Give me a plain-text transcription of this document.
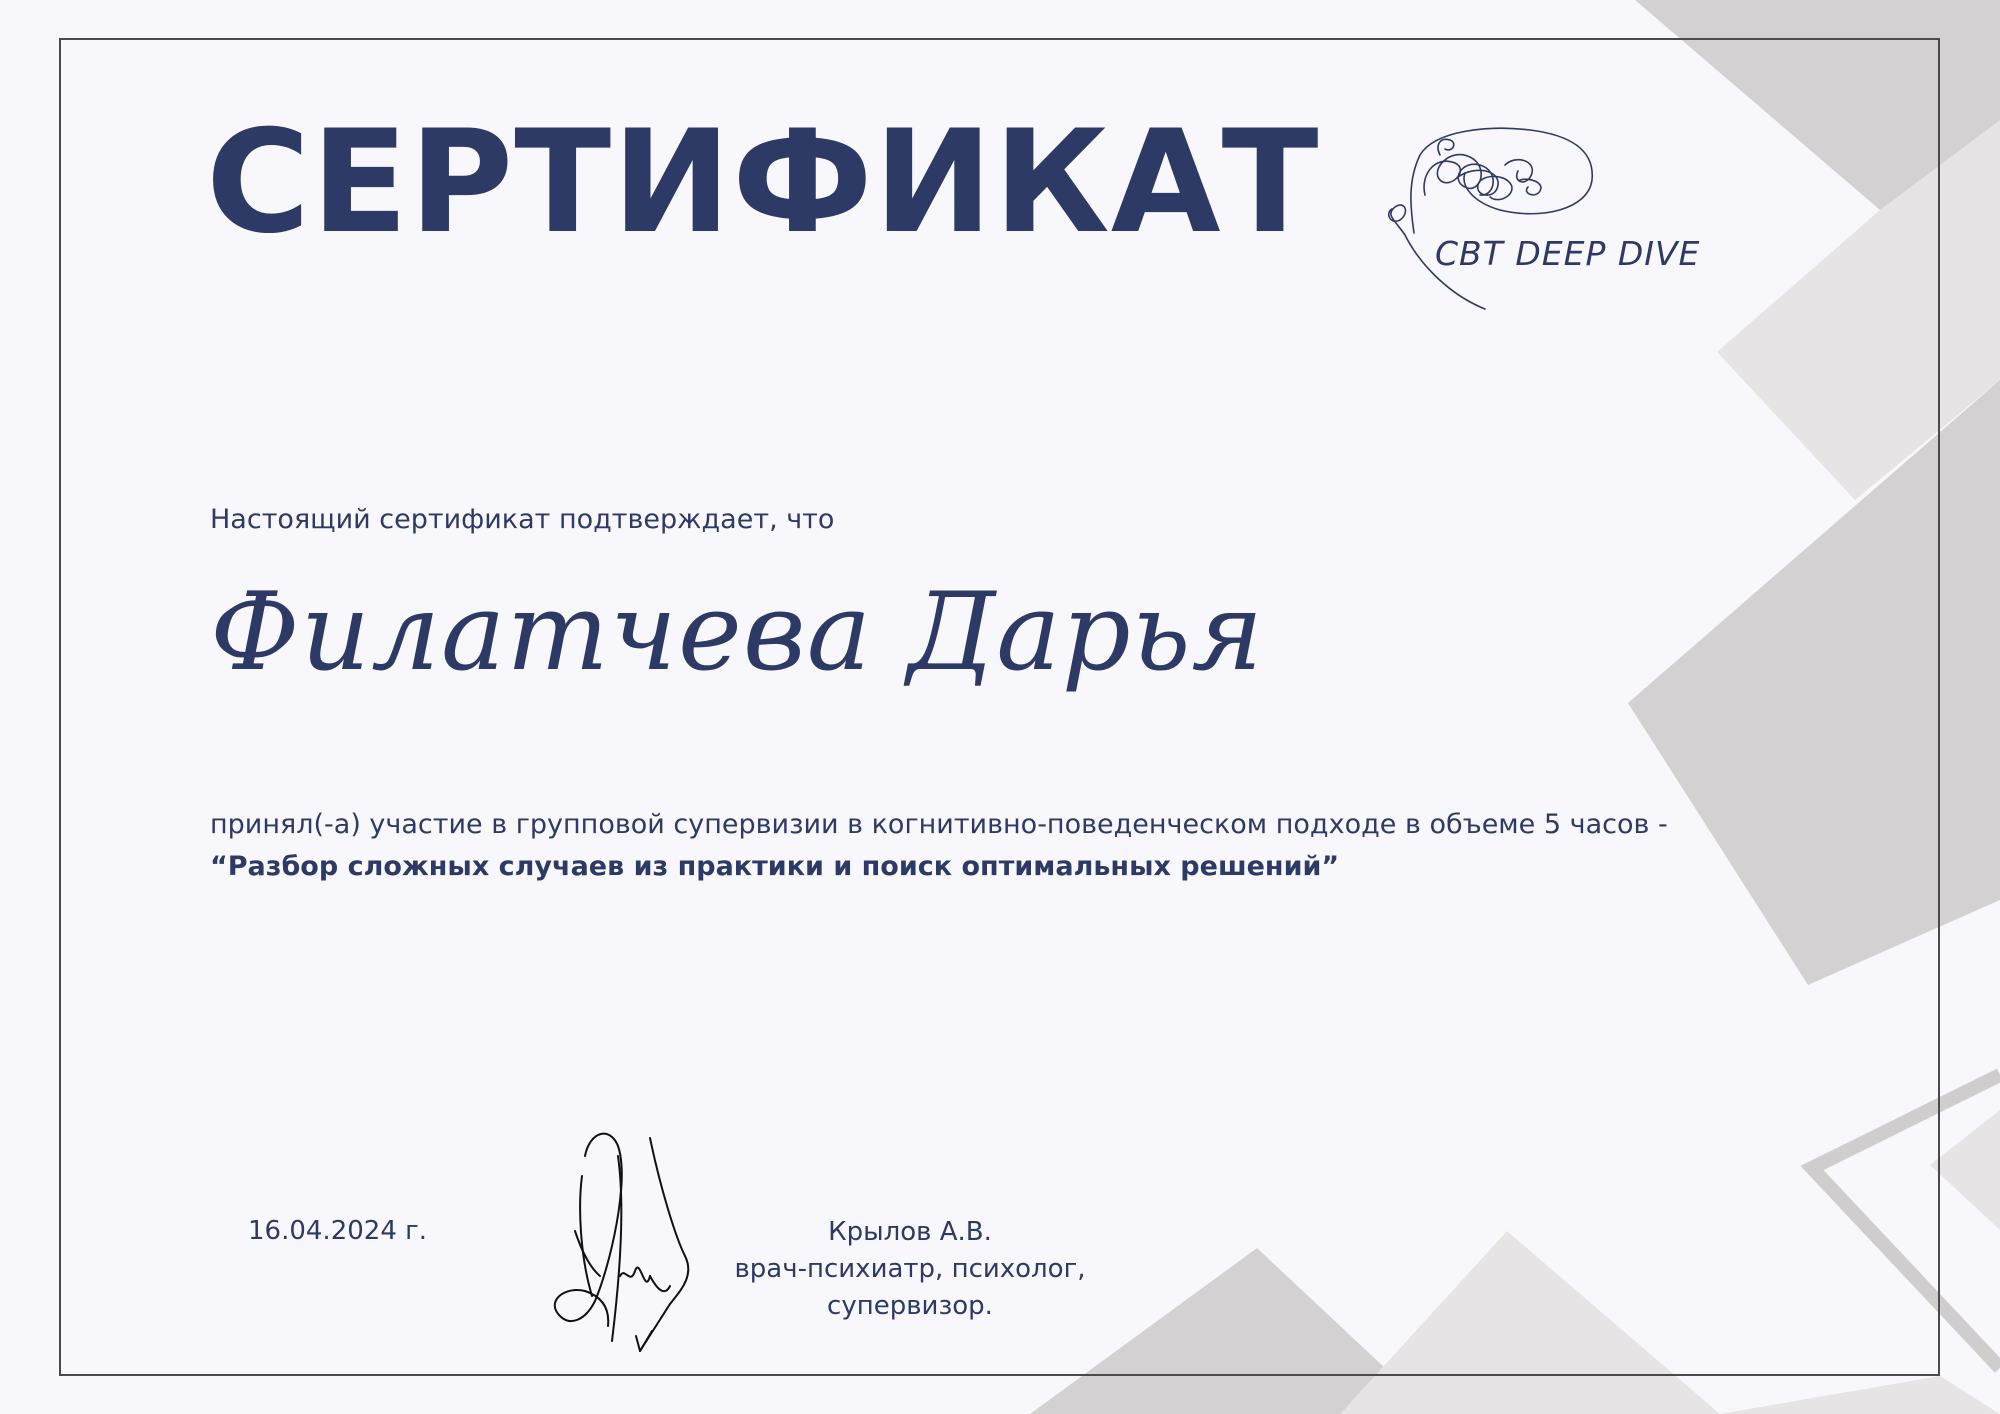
СЕРТИФИКАТ	CBT DEEP DIVE
Настоящий сертификат подтверждает, что
Филатчева Дарья
принял(-а) участие в групповой супервизии в когнитивно-поведенческом подходе в объеме 5 часов -
“Разбор сложных случаев из практики и поиск оптимальных решений”
16.04.2024 г.	Крылов А.В.
врач-психиатр, психолог,
супервизор.
